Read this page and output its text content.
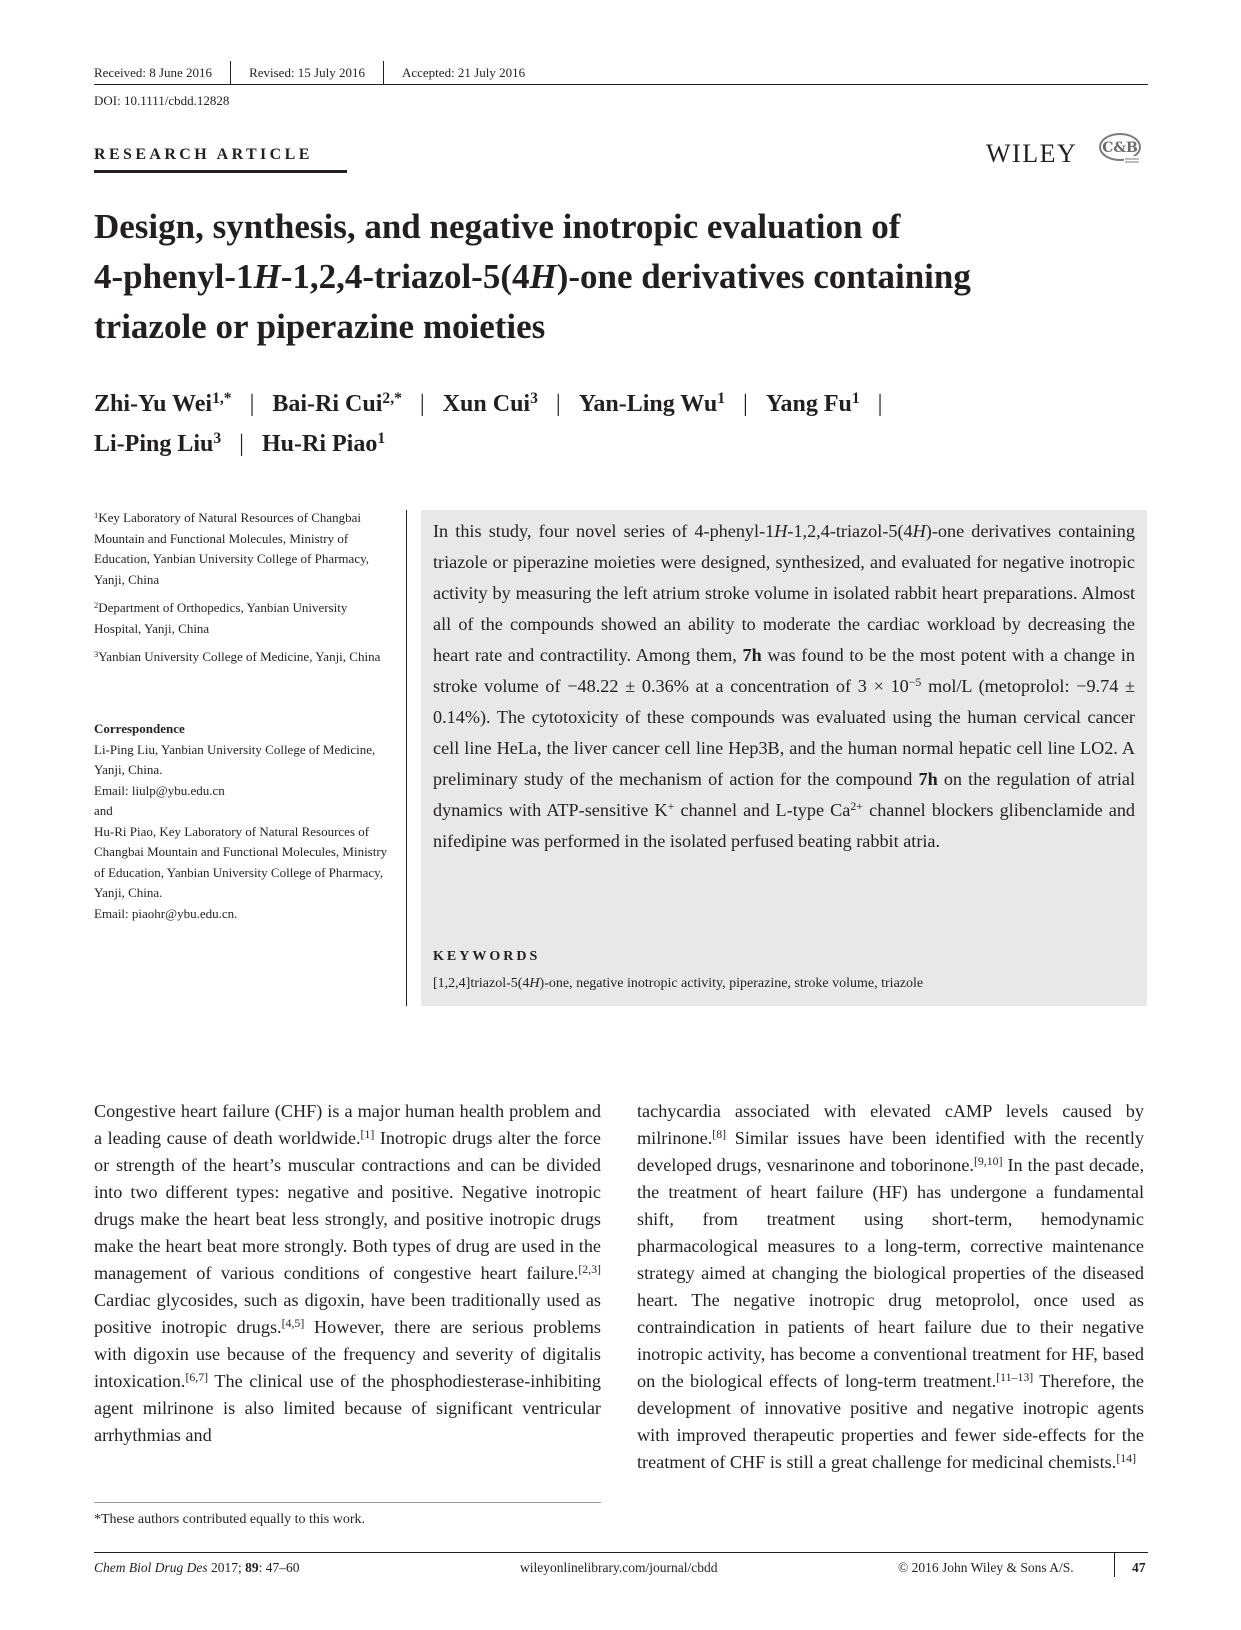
Received: 8 June 2016	Revised: 15 July 2016	Accepted: 21 July 2016
DOI: 10.1111/cbdd.12828
RESEARCH ARTICLE	WILEY C&B
Design, synthesis, and negative inotropic evaluation of
4-phenyl-1H-1,2,4-triazol-5(4H)-one derivatives containing
triazole or piperazine moieties
Zhi-Yu Wei$^{1,*}$ | Bai-Ri Cui$^{2,*}$ | Xun Cui$^3$ | Yan-Ling Wu$^1$ | Yang Fu$^1$ |
Li-Ping Liu$^3$ | Hu-Ri Piao$^1$

$^1$Key Laboratory of Natural Resources of Changbai Mountain and Functional Molecules, Ministry of Education, Yanbian University College of Pharmacy, Yanji, China

$^2$Department of Orthopedics, Yanbian University Hospital, Yanji, China

$^3$Yanbian University College of Medicine, Yanji, China

Correspondence
Li-Ping Liu, Yanbian University College of Medicine, Yanji, China.
Email: liulp@ybu.edu.cn
and
Hu-Ri Piao, Key Laboratory of Natural Resources of Changbai Mountain and Functional Molecules, Ministry of Education, Yanbian University College of Pharmacy, Yanji, China.
Email: piaohr@ybu.edu.cn.
In this study, four novel series of 4-phenyl-1H-1,2,4-triazol-5(4H)-one derivatives containing triazole or piperazine moieties were designed, synthesized, and evaluated for negative inotropic activity by measuring the left atrium stroke volume in isolated rabbit heart preparations. Almost all of the compounds showed an ability to moderate the cardiac workload by decreasing the heart rate and contractility. Among them, 7h was found to be the most potent with a change in stroke volume of −48.22 ± 0.36% at a concentration of $3 \times 10^{-5}$ mol/L (metoprolol: −9.74 ± 0.14%). The cytotoxicity of these compounds was evaluated using the human cervical cancer cell line HeLa, the liver cancer cell line Hep3B, and the human normal hepatic cell line LO2. A preliminary study of the mechanism of action for the compound 7h on the regulation of atrial dynamics with ATP-sensitive K+ channel and L-type $Ca^{2+}$ channel blockers glibenclamide and nifedipine was performed in the isolated perfused beating rabbit atria.
KEYWORDS
[1,2,4]triazol-5(4H)-one, negative inotropic activity, piperazine, stroke volume, triazole

Congestive heart failure (CHF) is a major human health problem and a leading cause of death worldwide.[1] Inotropic drugs alter the force or strength of the heart’s muscular contractions and can be divided into two different types: negative and positive. Negative inotropic drugs make the heart beat less strongly, and positive inotropic drugs make the heart beat more strongly. Both types of drug are used in the management of various conditions of congestive heart failure.[2,3] Cardiac glycosides, such as digoxin, have been traditionally used as positive inotropic drugs.[4,5] However, there are serious problems with digoxin use because of the frequency and severity of digitalis intoxication.[6,7] The clinical use of the phosphodiesterase-inhibiting agent milrinone is also limited because of significant ventricular arrhythmias and

tachycardia associated with elevated cAMP levels caused by milrinone.[8] Similar issues have been identified with the recently developed drugs, vesnarinone and toborinone.[9,10] In the past decade, the treatment of heart failure (HF) has undergone a fundamental shift, from treatment using short-term, hemodynamic pharmacological measures to a long-term, corrective maintenance strategy aimed at changing the biological properties of the diseased heart. The negative inotropic drug metoprolol, once used as contraindication in patients of heart failure due to their negative inotropic activity, has become a conventional treatment for HF, based on the biological effects of long-term treatment.[11–13] Therefore, the development of innovative positive and negative inotropic agents with improved therapeutic properties and fewer side-effects for the treatment of CHF is still a great challenge for medicinal chemists.[14]

*These authors contributed equally to this work.
Chem Biol Drug Des 2017; 89: 47–60	wileyonlinelibrary.com/journal/cbdd	© 2016 John Wiley & Sons A/S.	47
